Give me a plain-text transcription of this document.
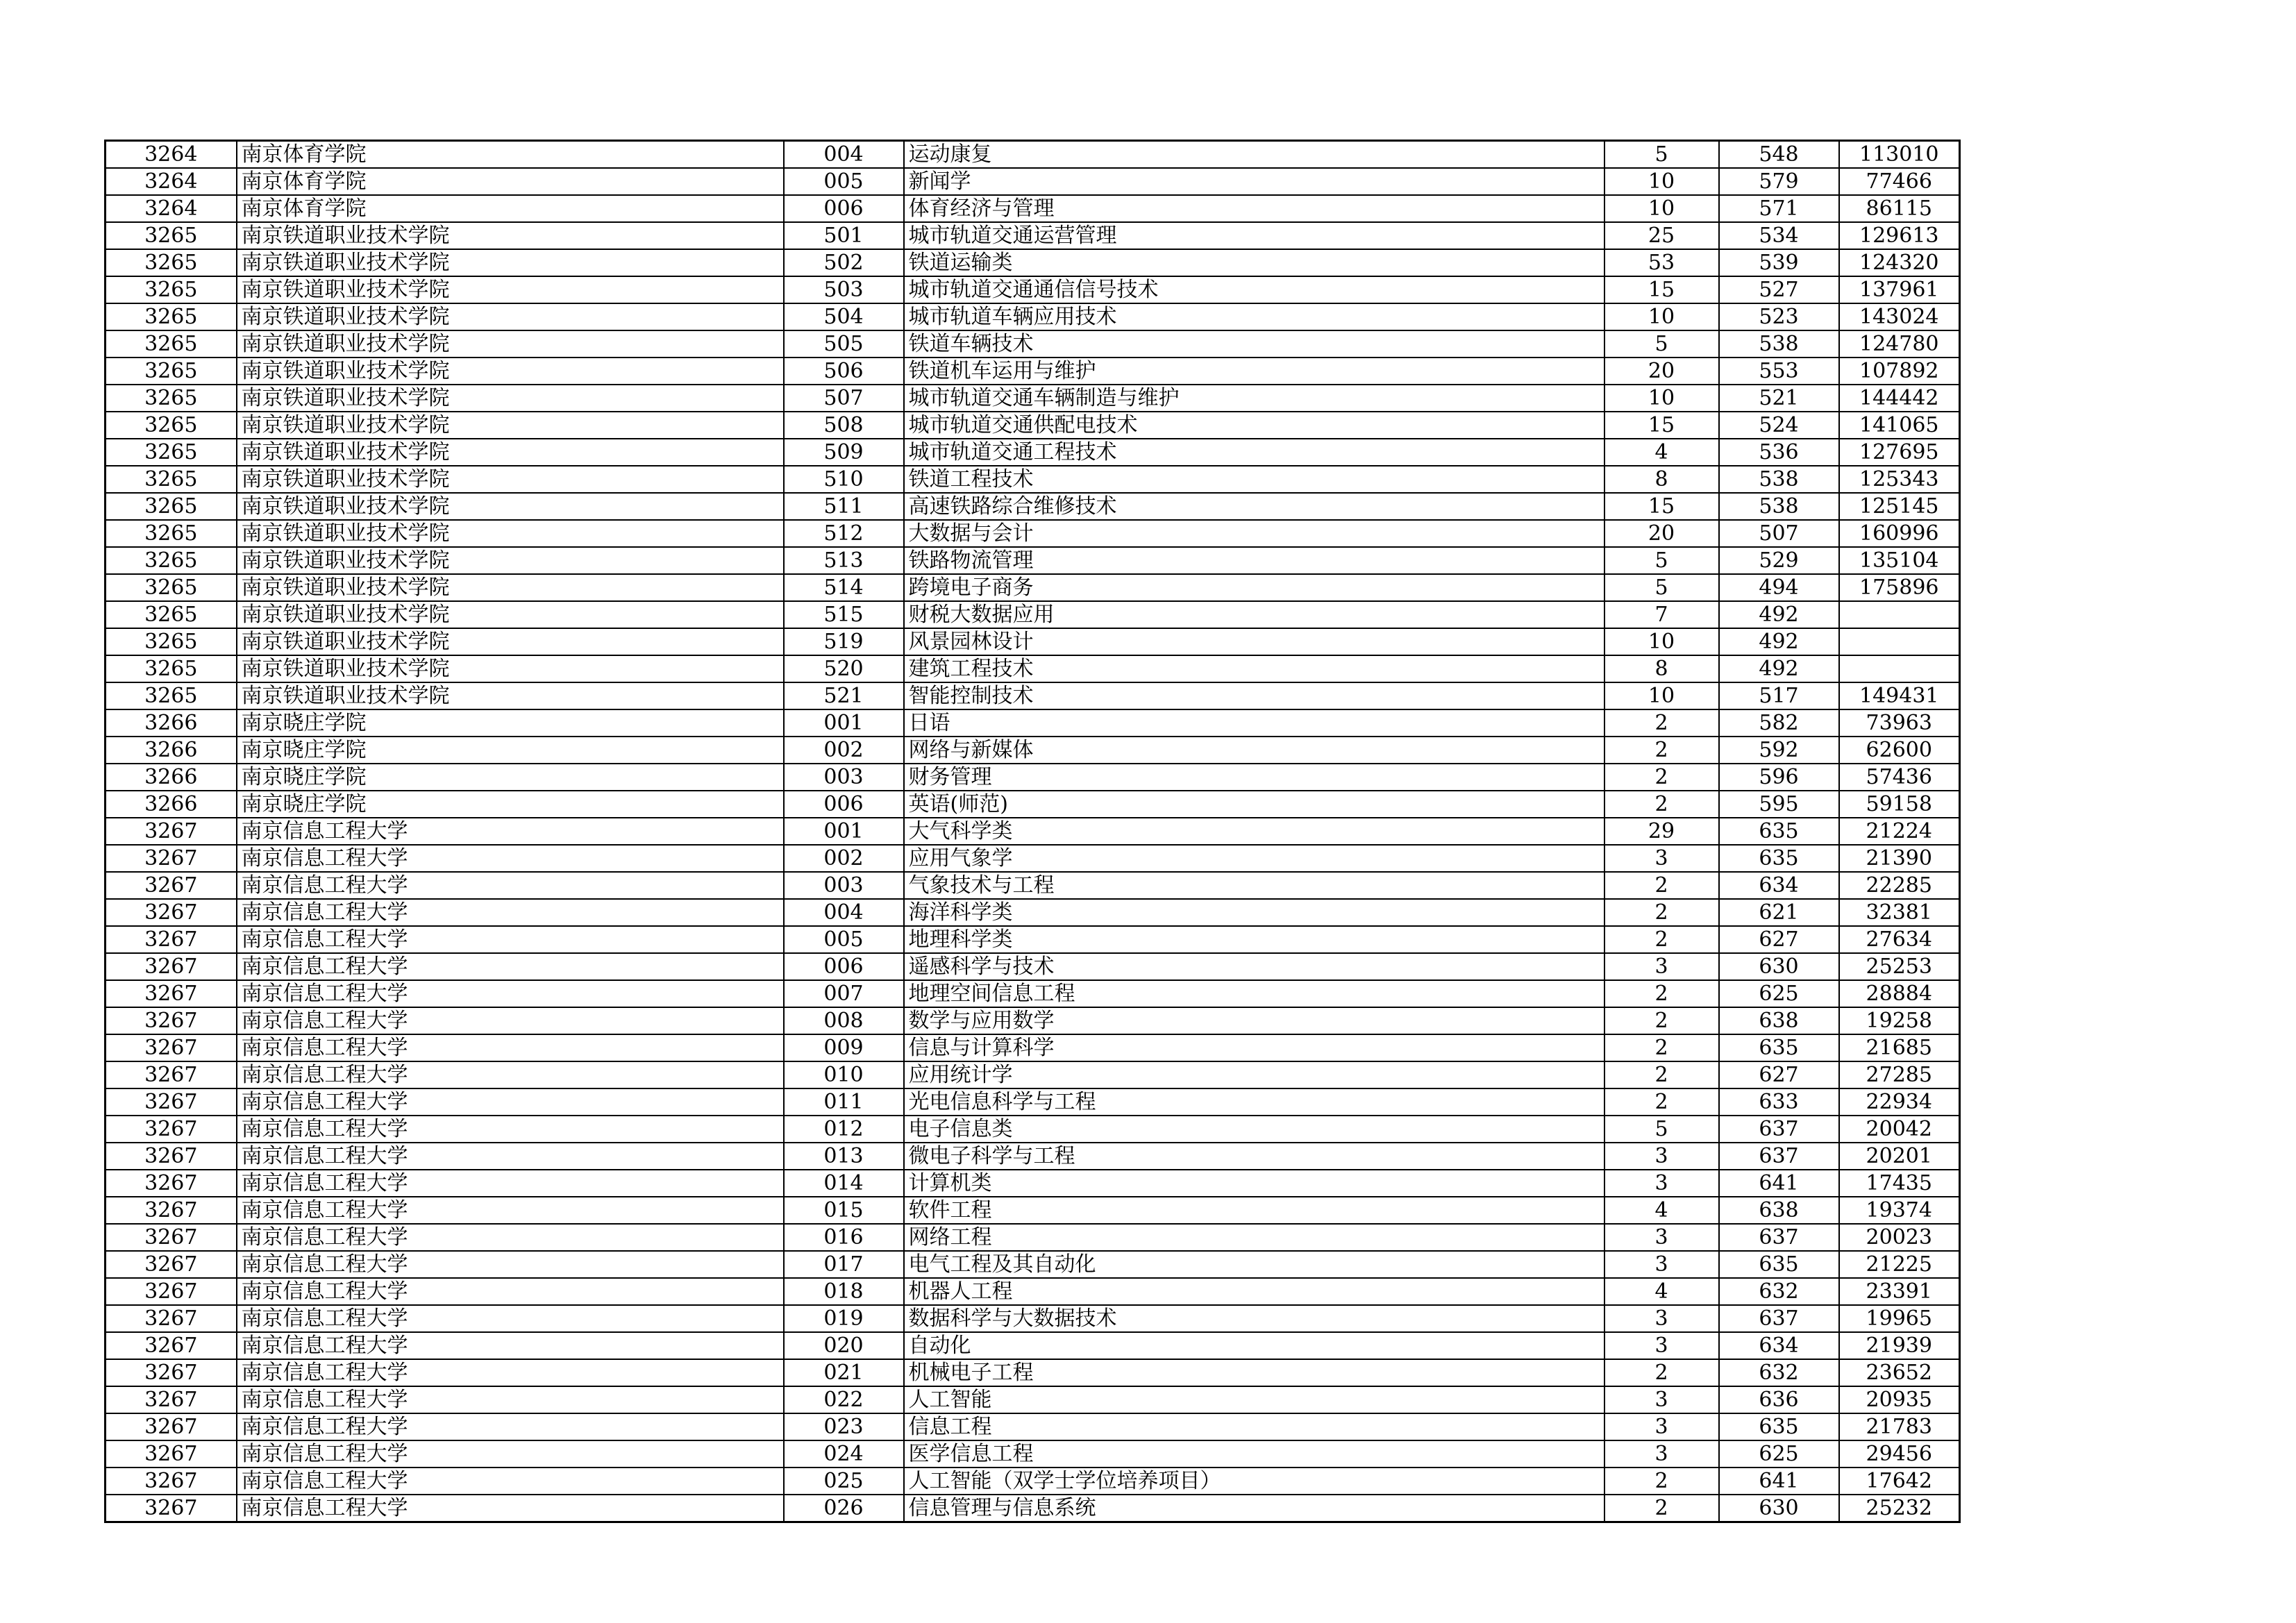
3264	南京体育学院	004	运动康复	5	548	113010
3264	南京体育学院	005	新闻学	10	579	77466
3264	南京体育学院	006	体育经济与管理	10	571	86115
3265	南京铁道职业技术学院	501	城市轨道交通运营管理	25	534	129613
3265	南京铁道职业技术学院	502	铁道运输类	53	539	124320
3265	南京铁道职业技术学院	503	城市轨道交通通信信号技术	15	527	137961
3265	南京铁道职业技术学院	504	城市轨道车辆应用技术	10	523	143024
3265	南京铁道职业技术学院	505	铁道车辆技术	5	538	124780
3265	南京铁道职业技术学院	506	铁道机车运用与维护	20	553	107892
3265	南京铁道职业技术学院	507	城市轨道交通车辆制造与维护	10	521	144442
3265	南京铁道职业技术学院	508	城市轨道交通供配电技术	15	524	141065
3265	南京铁道职业技术学院	509	城市轨道交通工程技术	4	536	127695
3265	南京铁道职业技术学院	510	铁道工程技术	8	538	125343
3265	南京铁道职业技术学院	511	高速铁路综合维修技术	15	538	125145
3265	南京铁道职业技术学院	512	大数据与会计	20	507	160996
3265	南京铁道职业技术学院	513	铁路物流管理	5	529	135104
3265	南京铁道职业技术学院	514	跨境电子商务	5	494	175896
3265	南京铁道职业技术学院	515	财税大数据应用	7	492	
3265	南京铁道职业技术学院	519	风景园林设计	10	492	
3265	南京铁道职业技术学院	520	建筑工程技术	8	492	
3265	南京铁道职业技术学院	521	智能控制技术	10	517	149431
3266	南京晓庄学院	001	日语	2	582	73963
3266	南京晓庄学院	002	网络与新媒体	2	592	62600
3266	南京晓庄学院	003	财务管理	2	596	57436
3266	南京晓庄学院	006	英语(师范)	2	595	59158
3267	南京信息工程大学	001	大气科学类	29	635	21224
3267	南京信息工程大学	002	应用气象学	3	635	21390
3267	南京信息工程大学	003	气象技术与工程	2	634	22285
3267	南京信息工程大学	004	海洋科学类	2	621	32381
3267	南京信息工程大学	005	地理科学类	2	627	27634
3267	南京信息工程大学	006	遥感科学与技术	3	630	25253
3267	南京信息工程大学	007	地理空间信息工程	2	625	28884
3267	南京信息工程大学	008	数学与应用数学	2	638	19258
3267	南京信息工程大学	009	信息与计算科学	2	635	21685
3267	南京信息工程大学	010	应用统计学	2	627	27285
3267	南京信息工程大学	011	光电信息科学与工程	2	633	22934
3267	南京信息工程大学	012	电子信息类	5	637	20042
3267	南京信息工程大学	013	微电子科学与工程	3	637	20201
3267	南京信息工程大学	014	计算机类	3	641	17435
3267	南京信息工程大学	015	软件工程	4	638	19374
3267	南京信息工程大学	016	网络工程	3	637	20023
3267	南京信息工程大学	017	电气工程及其自动化	3	635	21225
3267	南京信息工程大学	018	机器人工程	4	632	23391
3267	南京信息工程大学	019	数据科学与大数据技术	3	637	19965
3267	南京信息工程大学	020	自动化	3	634	21939
3267	南京信息工程大学	021	机械电子工程	2	632	23652
3267	南京信息工程大学	022	人工智能	3	636	20935
3267	南京信息工程大学	023	信息工程	3	635	21783
3267	南京信息工程大学	024	医学信息工程	3	625	29456
3267	南京信息工程大学	025	人工智能（双学士学位培养项目）	2	641	17642
3267	南京信息工程大学	026	信息管理与信息系统	2	630	25232
